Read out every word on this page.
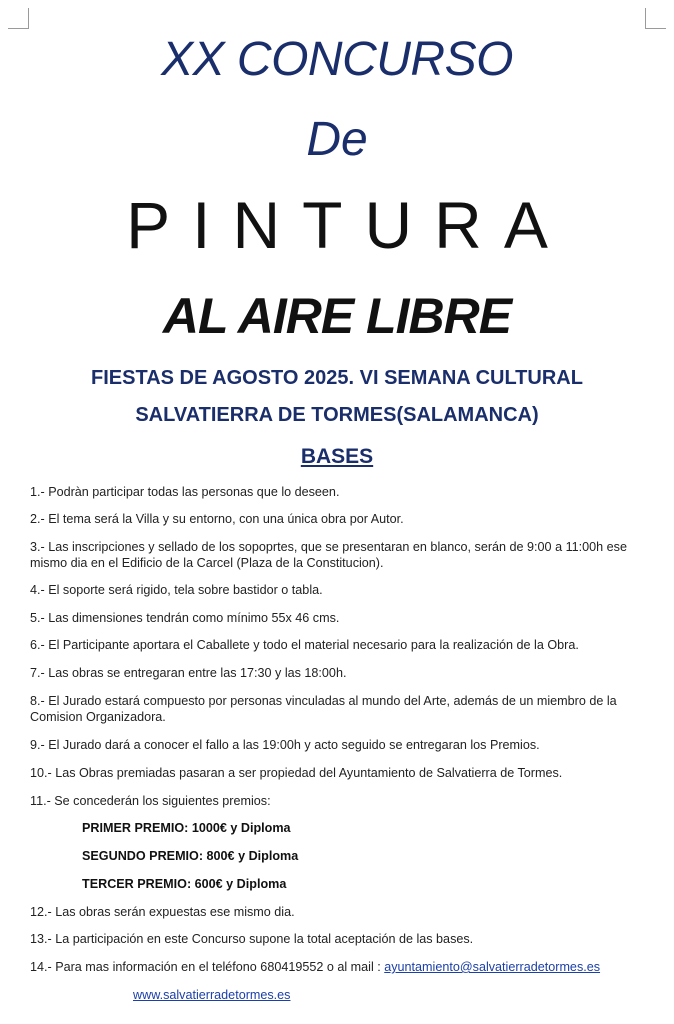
XX CONCURSO
De
PINTURA
AL AIRE LIBRE
FIESTAS DE AGOSTO 2025. VI SEMANA CULTURAL
SALVATIERRA DE TORMES(SALAMANCA)
BASES
1.- Podràn participar todas las personas que lo deseen.
2.- El tema será la Villa y su entorno, con una única obra por Autor.
3.- Las inscripciones y sellado de los sopoprtes, que se presentaran en blanco, serán de 9:00 a 11:00h ese mismo dia en el Edificio de la Carcel (Plaza de la Constitucion).
4.- El soporte será rigido, tela sobre bastidor o tabla.
5.- Las dimensiones tendrán como mínimo 55x 46 cms.
6.- El Participante aportara el Caballete y todo el material necesario para la realización de la Obra.
7.- Las obras se entregaran entre las 17:30 y las 18:00h.
8.- El Jurado estará compuesto por personas vinculadas al mundo del Arte, además de un miembro de la Comision Organizadora.
9.- El Jurado dará a conocer el fallo a las 19:00h y acto seguido se entregaran los Premios.
10.- Las Obras premiadas pasaran a ser propiedad del Ayuntamiento de Salvatierra de Tormes.
11.- Se concederán los siguientes premios:
PRIMER PREMIO: 1000€ y Diploma
SEGUNDO PREMIO: 800€ y Diploma
TERCER PREMIO: 600€ y Diploma
12.- Las obras serán expuestas ese mismo dia.
13.- La participación en este Concurso supone la total aceptación de las bases.
14.- Para mas información en el teléfono 680419552 o al mail : ayuntamiento@salvatierradetormes.es
www.salvatierradetormes.es
